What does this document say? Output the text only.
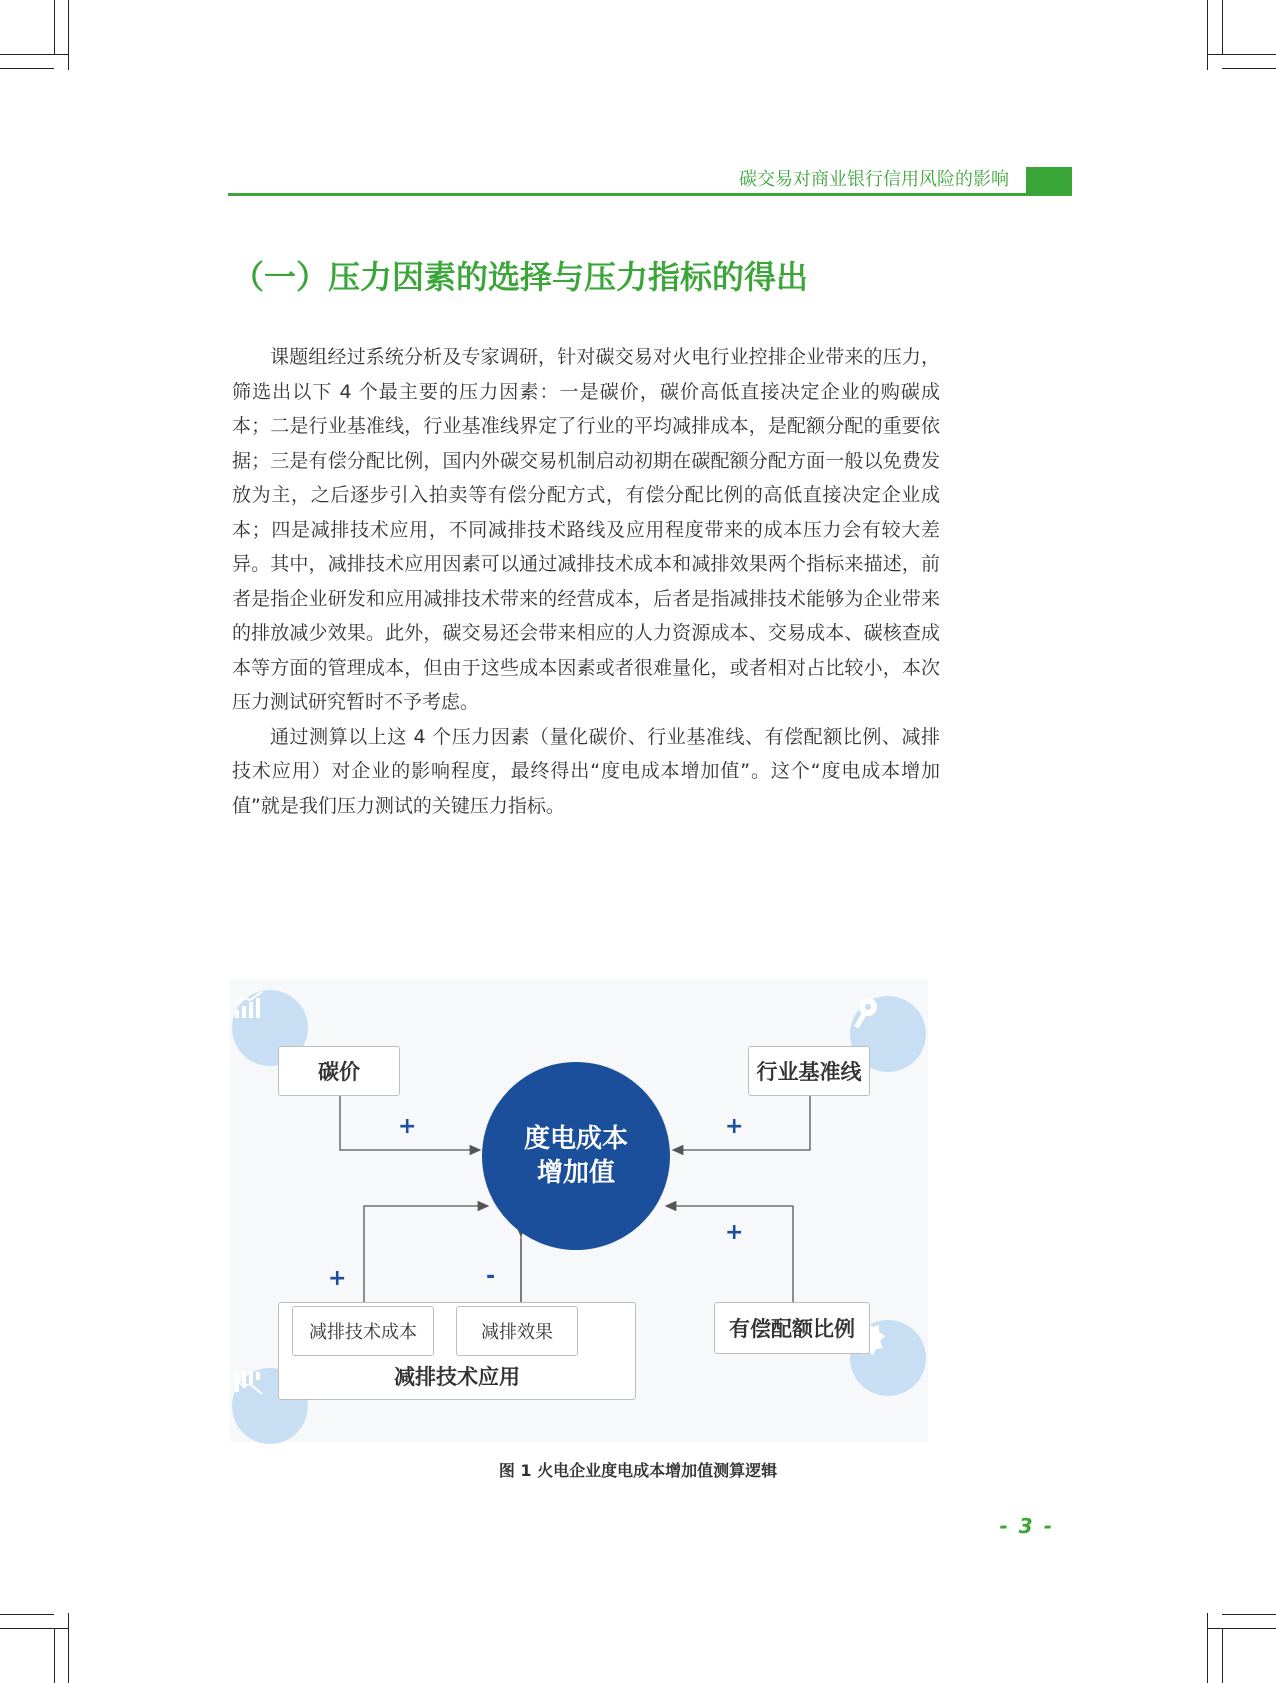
碳交易对商业银行信用风险的影响
（一）压力因素的选择与压力指标的得出

课题组经过系统分析及专家调研，针对碳交易对火电行业控排企业带来的压力，筛选出以下 4 个最主要的压力因素：一是碳价，碳价高低直接决定企业的购碳成本；二是行业基准线，行业基准线界定了行业的平均减排成本，是配额分配的重要依据；三是有偿分配比例，国内外碳交易机制启动初期在碳配额分配方面一般以免费发放为主，之后逐步引入拍卖等有偿分配方式，有偿分配比例的高低直接决定企业成本；四是减排技术应用，不同减排技术路线及应用程度带来的成本压力会有较大差异。其中，减排技术应用因素可以通过减排技术成本和减排效果两个指标来描述，前者是指企业研发和应用减排技术带来的经营成本，后者是指减排技术能够为企业带来的排放减少效果。此外，碳交易还会带来相应的人力资源成本、交易成本、碳核查成本等方面的管理成本，但由于这些成本因素或者很难量化，或者相对占比较小，本次压力测试研究暂时不予考虑。

通过测算以上这 4 个压力因素（量化碳价、行业基准线、有偿配额比例、减排技术应用）对企业的影响程度，最终得出“度电成本增加值”。这个“度电成本增加值”就是我们压力测试的关键压力指标。

碳价	行业基准线
有偿配额比例
减排技术应用
减排技术成本	减排效果
度电成本
增加值
+	+
+
+	-
图 1 火电企业度电成本增加值测算逻辑
- 3 -
